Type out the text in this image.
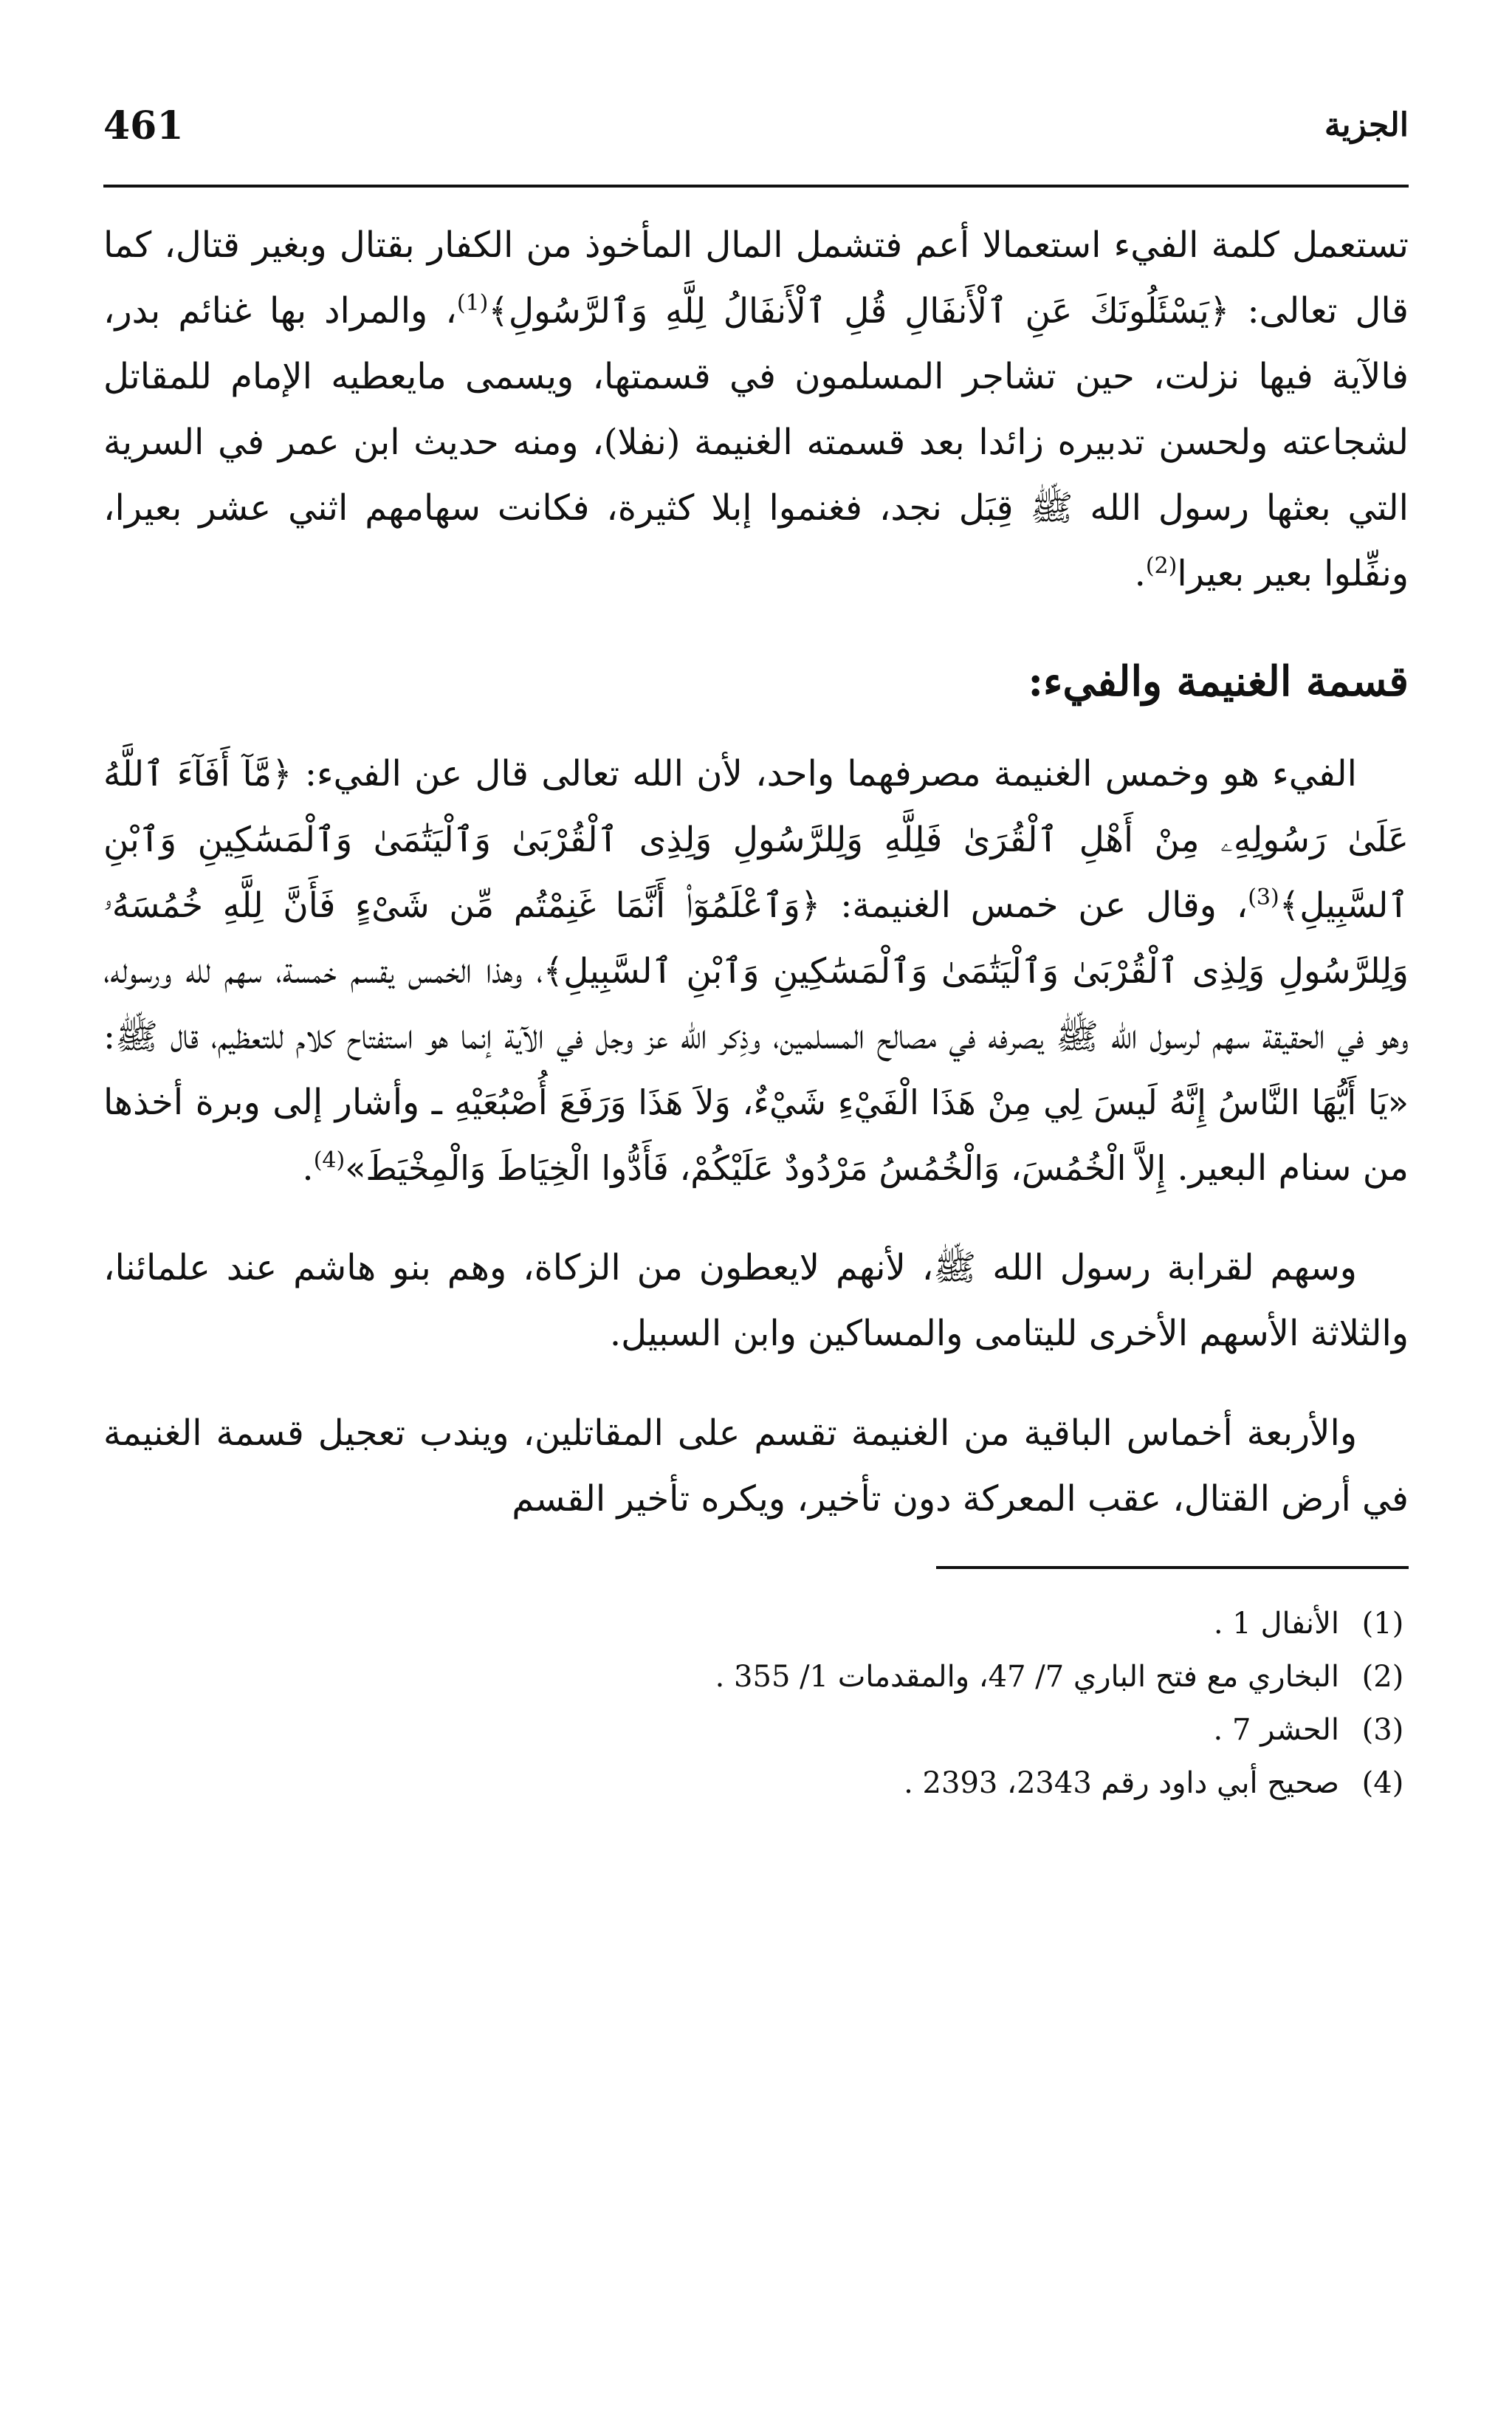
الجزية
461

تستعمل كلمة الفيء استعمالا أعم فتشمل المال المأخوذ من الكفار بقتال وبغير قتال، كما قال تعالى: ﴿يَسْئَلُونَكَ عَنِ ٱلْأَنفَالِ قُلِ ٱلْأَنفَالُ لِلَّهِ وَٱلرَّسُولِ﴾$^{(1)}$، والمراد بها غنائم بدر، فالآية فيها نزلت، حين تشاجر المسلمون في قسمتها، ويسمى مايعطيه الإمام للمقاتل لشجاعته ولحسن تدبيره زائدا بعد قسمته الغنيمة (نفلا)، ومنه حديث ابن عمر في السرية التي بعثها رسول الله ﷺ قِبَل نجد، فغنموا إبلا كثيرة، فكانت سهامهم اثني عشر بعيرا، ونفِّلوا بعير بعيرا$^{(2)}$.

قسمة الغنيمة والفيء:

الفيء هو وخمس الغنيمة مصرفهما واحد، لأن الله تعالى قال عن الفيء: ﴿مَّآ أَفَآءَ ٱللَّهُ عَلَىٰ رَسُولِهِۦ مِنْ أَهْلِ ٱلْقُرَىٰ فَلِلَّهِ وَلِلرَّسُولِ وَلِذِى ٱلْقُرْبَىٰ وَٱلْيَتَٰمَىٰ وَٱلْمَسَٰكِينِ وَٱبْنِ ٱلسَّبِيلِ﴾$^{(3)}$، وقال عن خمس الغنيمة: ﴿وَٱعْلَمُوٓا۟ أَنَّمَا غَنِمْتُم مِّن شَىْءٍ فَأَنَّ لِلَّهِ خُمُسَهُۥ وَلِلرَّسُولِ وَلِذِى ٱلْقُرْبَىٰ وَٱلْيَتَٰمَىٰ وَٱلْمَسَٰكِينِ وَٱبْنِ ٱلسَّبِيلِ﴾، وهذا الخمس يقسم خمسة، سهم لله ورسوله، وهو في الحقيقة سهم لرسول الله ﷺ يصرفه في مصالح المسلمين، وذِكر الله عز وجل في الآية إنما هو استفتاح كلام للتعظيم، قال ﷺ: «يَا أَيُّهَا النَّاسُ إِنَّهُ لَيسَ لِي مِنْ هَذَا الْفَيْءِ شَيْءٌ، وَلاَ هَذَا وَرَفَعَ أُصْبُعَيْهِ ـ وأشار إلى وبرة أخذها من سنام البعير. إِلاَّ الْخُمُسَ، وَالْخُمُسُ مَرْدُودٌ عَلَيْكُمْ، فَأَدُّوا الْخِيَاطَ وَالْمِخْيَطَ»$^{(4)}$.

وسهم لقرابة رسول الله ﷺ، لأنهم لايعطون من الزكاة، وهم بنو هاشم عند علمائنا، والثلاثة الأسهم الأخرى لليتامى والمساكين وابن السبيل.

والأربعة أخماس الباقية من الغنيمة تقسم على المقاتلين، ويندب تعجيل قسمة الغنيمة في أرض القتال، عقب المعركة دون تأخير، ويكره تأخير القسم

(1)
الأنفال 1 .
(2)
البخاري مع فتح الباري 7/ 47، والمقدمات 1/ 355 .
(3)
الحشر 7 .
(4)
صحيح أبي داود رقم 2343، 2393 .
